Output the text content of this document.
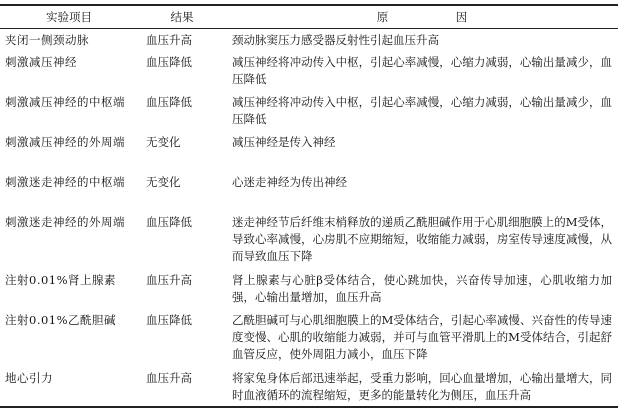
实验项目	结果	原　因
夹闭一侧颈动脉	血压升高	颈动脉窦压力感受器反射性引起血压升高
刺激减压神经	血压降低	减压神经将冲动传入中枢，引起心率减慢，心缩力减弱，心输出量减少，血压降低
刺激减压神经的中枢端	血压降低	减压神经将冲动传入中枢，引起心率减慢，心缩力减弱，心输出量减少，血压降低
刺激减压神经的外周端	无变化	减压神经是传入神经
刺激迷走神经的中枢端	无变化	心迷走神经为传出神经
刺激迷走神经的外周端	血压降低	迷走神经节后纤维末梢释放的递质乙酰胆碱作用于心肌细胞膜上的M受体，导致心率减慢，心房肌不应期缩短，收缩能力减弱，房室传导速度减慢，从而导致血压下降
注射0.01%肾上腺素	血压升高	肾上腺素与心脏β受体结合，使心跳加快，兴奋传导加速，心肌收缩力加强，心输出量增加，血压升高
注射0.01%乙酰胆碱	血压降低	乙酰胆碱可与心肌细胞膜上的M受体结合，引起心率减慢、兴奋性的传导速度变慢、心肌的收缩能力减弱，并可与血管平滑肌上的M受体结合，引起舒血管反应，使外周阻力减小，血压下降
地心引力	血压升高	将家兔身体后部迅速举起，受重力影响，回心血量增加，心输出量增大，同时血液循环的流程缩短，更多的能量转化为侧压，血压升高
